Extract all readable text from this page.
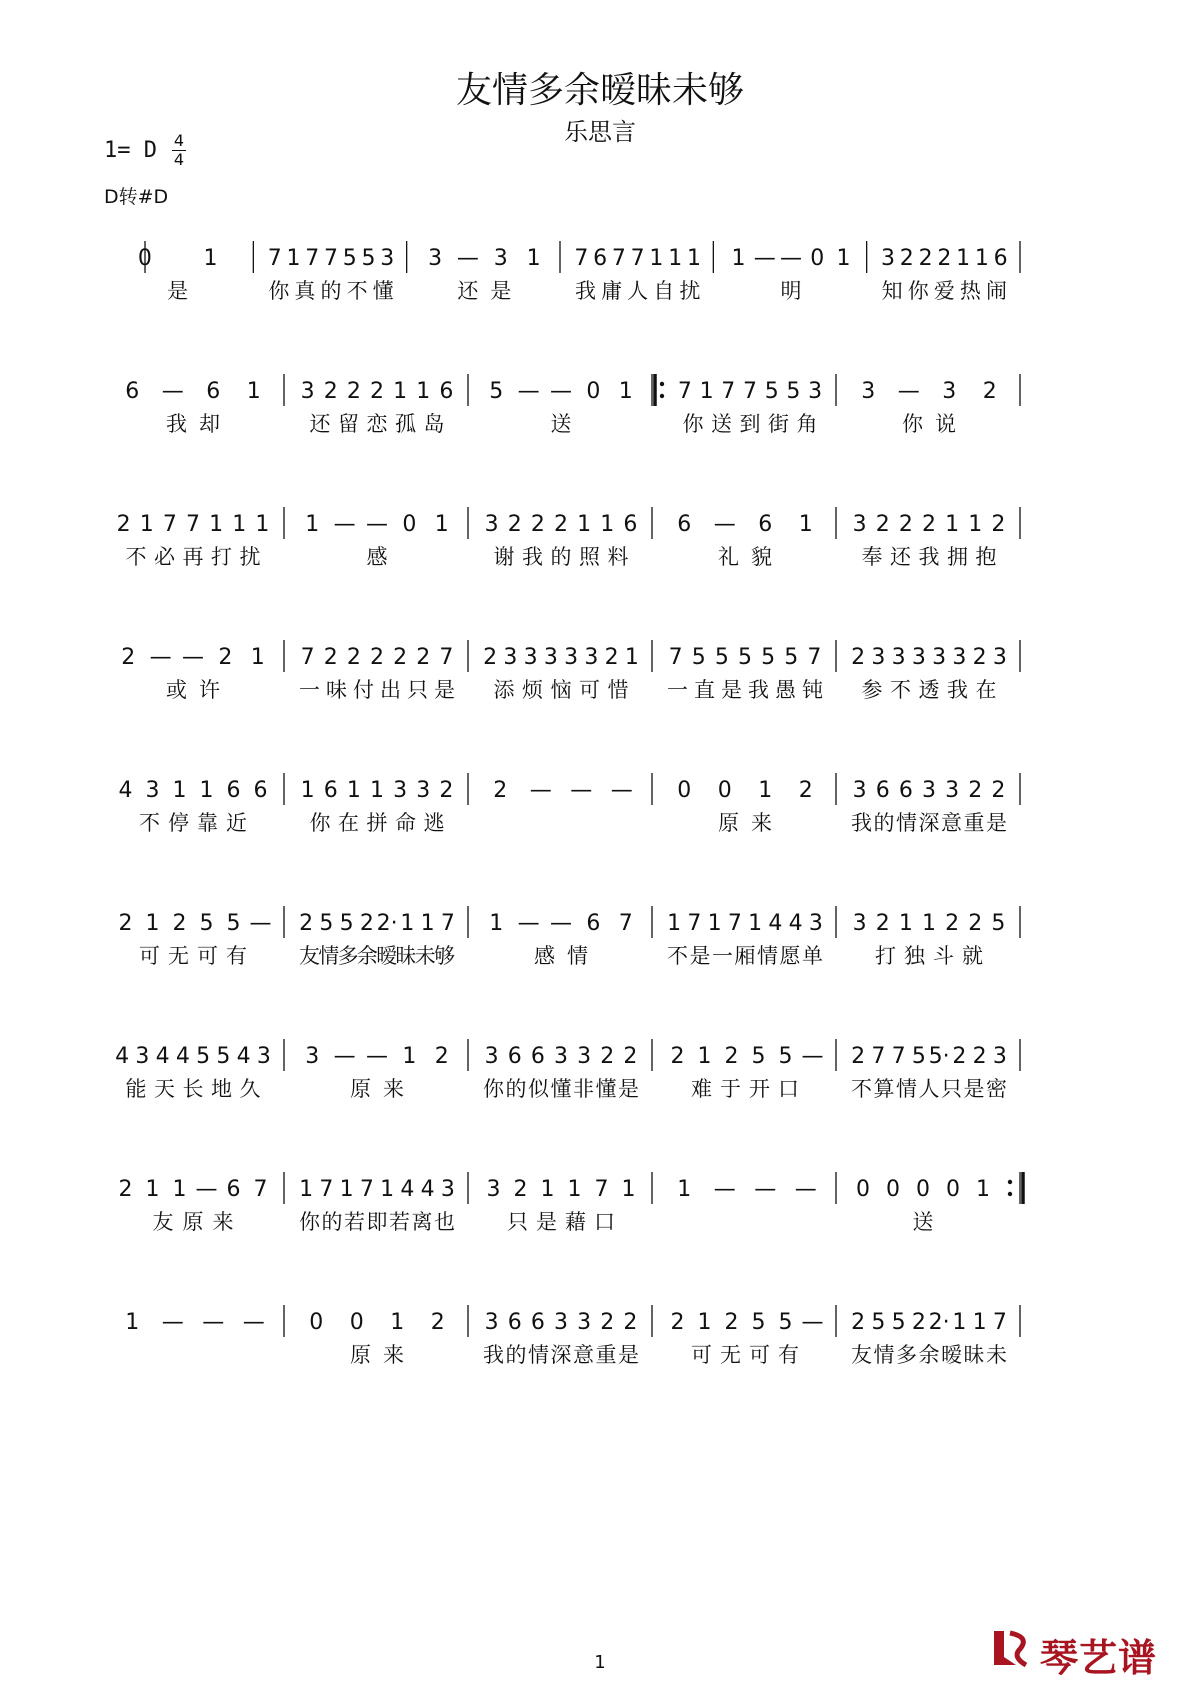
友情多余暧昧未够
乐思言
1= D 4
4
D转#D
0 1
是
7 1 7 7 5 5 3
你真的不懂
3 — 3 1
还是
7 6 7 7 1 1 1
我庸人自扰
1 — — 0 1
明
3 2 2 2 1 1 6
知你爱热闹
6 — 6 1
我却
3 2 2 2 1 1 6
还留恋孤岛
5 — — 0 1
送
7 1 7 7 5 5 3
你送到街角
3 — 3 2
你说
2 1 7 7 1 1 1
不必再打扰
1 — — 0 1
感
3 2 2 2 1 1 6
谢我的照料
6 — 6 1
礼貌
3 2 2 2 1 1 2
奉还我拥抱
2 — — 2 1
或许
7 2 2 2 2 2 7
一味付出只是
2 3 3 3 3 3 2 1
添烦恼可惜
7 5 5 5 5 5 7
一直是我愚钝
2 3 3 3 3 3 2 3
参不透我在
4 3 1 1 6 6
不停靠近
1 6 1 1 3 3 2
你在拼命逃
2 — — — 0 0 1 2
原来
3 6 6 3 3 2 2
我的情深意重是
2 1 2 5 5 —
可无可有
2 5 5 2 2· 1 1 7
友情多余暧昧未够
1 — — 6 7
感情
1 7 1 7 1 4 4 3
不是一厢情愿单
3 2 1 1 2 2 5
打独斗就
4 3 4 4 5 5 4 3
能天长地久
3 — — 1 2
原来
3 6 6 3 3 2 2
你的似懂非懂是
2 1 2 5 5 —
难于开口
2 7 7 5 5· 2 2 3
不算情人只是密
2 1 1 — 6 7
友原来
1 7 1 7 1 4 4 3
你的若即若离也
3 2 1 1 7 1
只是藉口
1 — — — 0 0 0 0 1
送
1 — — — 0 0 1 2
原来
3 6 6 3 3 2 2
我的情深意重是
2 1 2 5 5 —
可无可有
2 5 5 2 2· 1 1 7
友情多余暧昧未
1	琴艺谱
